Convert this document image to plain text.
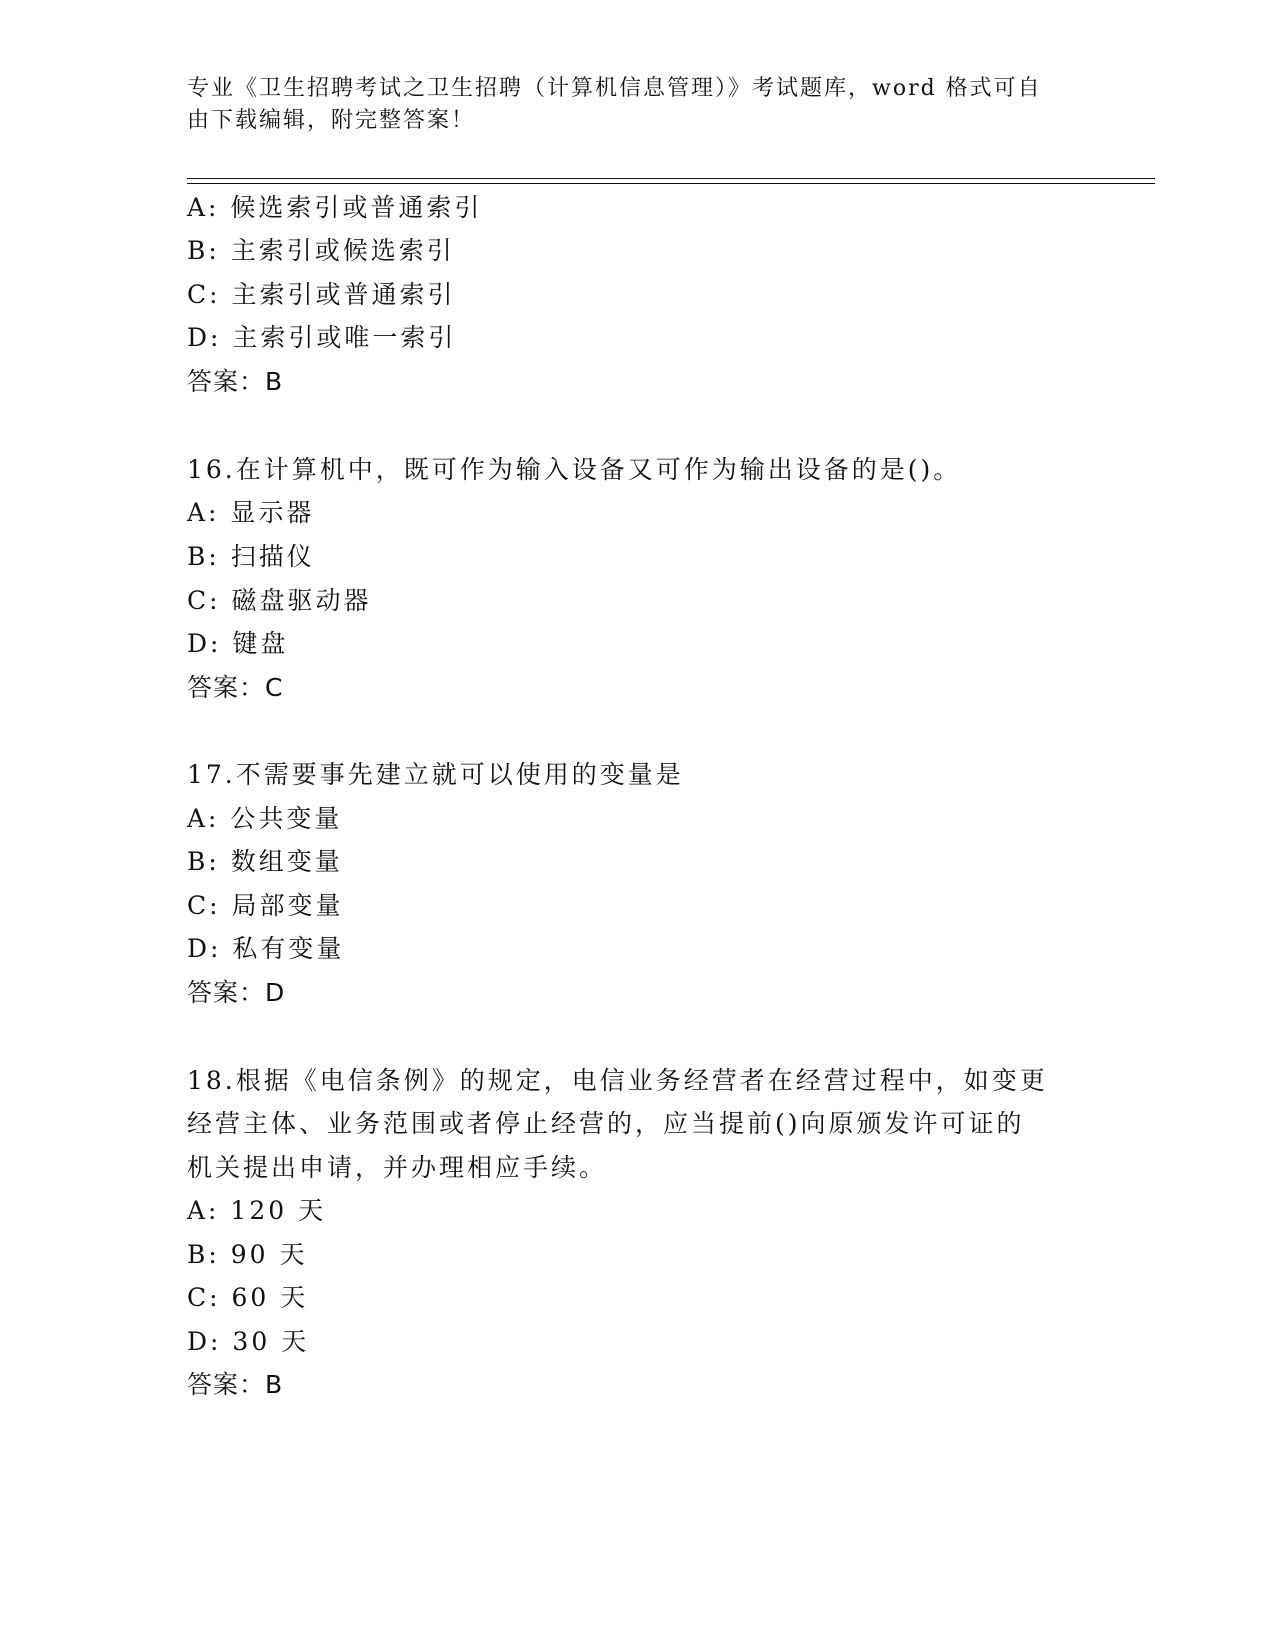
专业《卫生招聘考试之卫生招聘（计算机信息管理）》考试题库，word 格式可自
由下载编辑，附完整答案！
A: 候选索引或普通索引
B: 主索引或候选索引
C: 主索引或普通索引
D: 主索引或唯一索引
答案：B
16.在计算机中，既可作为输入设备又可作为输出设备的是()。
A: 显示器
B: 扫描仪
C: 磁盘驱动器
D: 键盘
答案：C
17.不需要事先建立就可以使用的变量是
A: 公共变量
B: 数组变量
C: 局部变量
D: 私有变量
答案：D
18.根据《电信条例》的规定，电信业务经营者在经营过程中，如变更
经营主体、业务范围或者停止经营的，应当提前()向原颁发许可证的
机关提出申请，并办理相应手续。
A: 120 天
B: 90 天
C: 60 天
D: 30 天
答案：B
